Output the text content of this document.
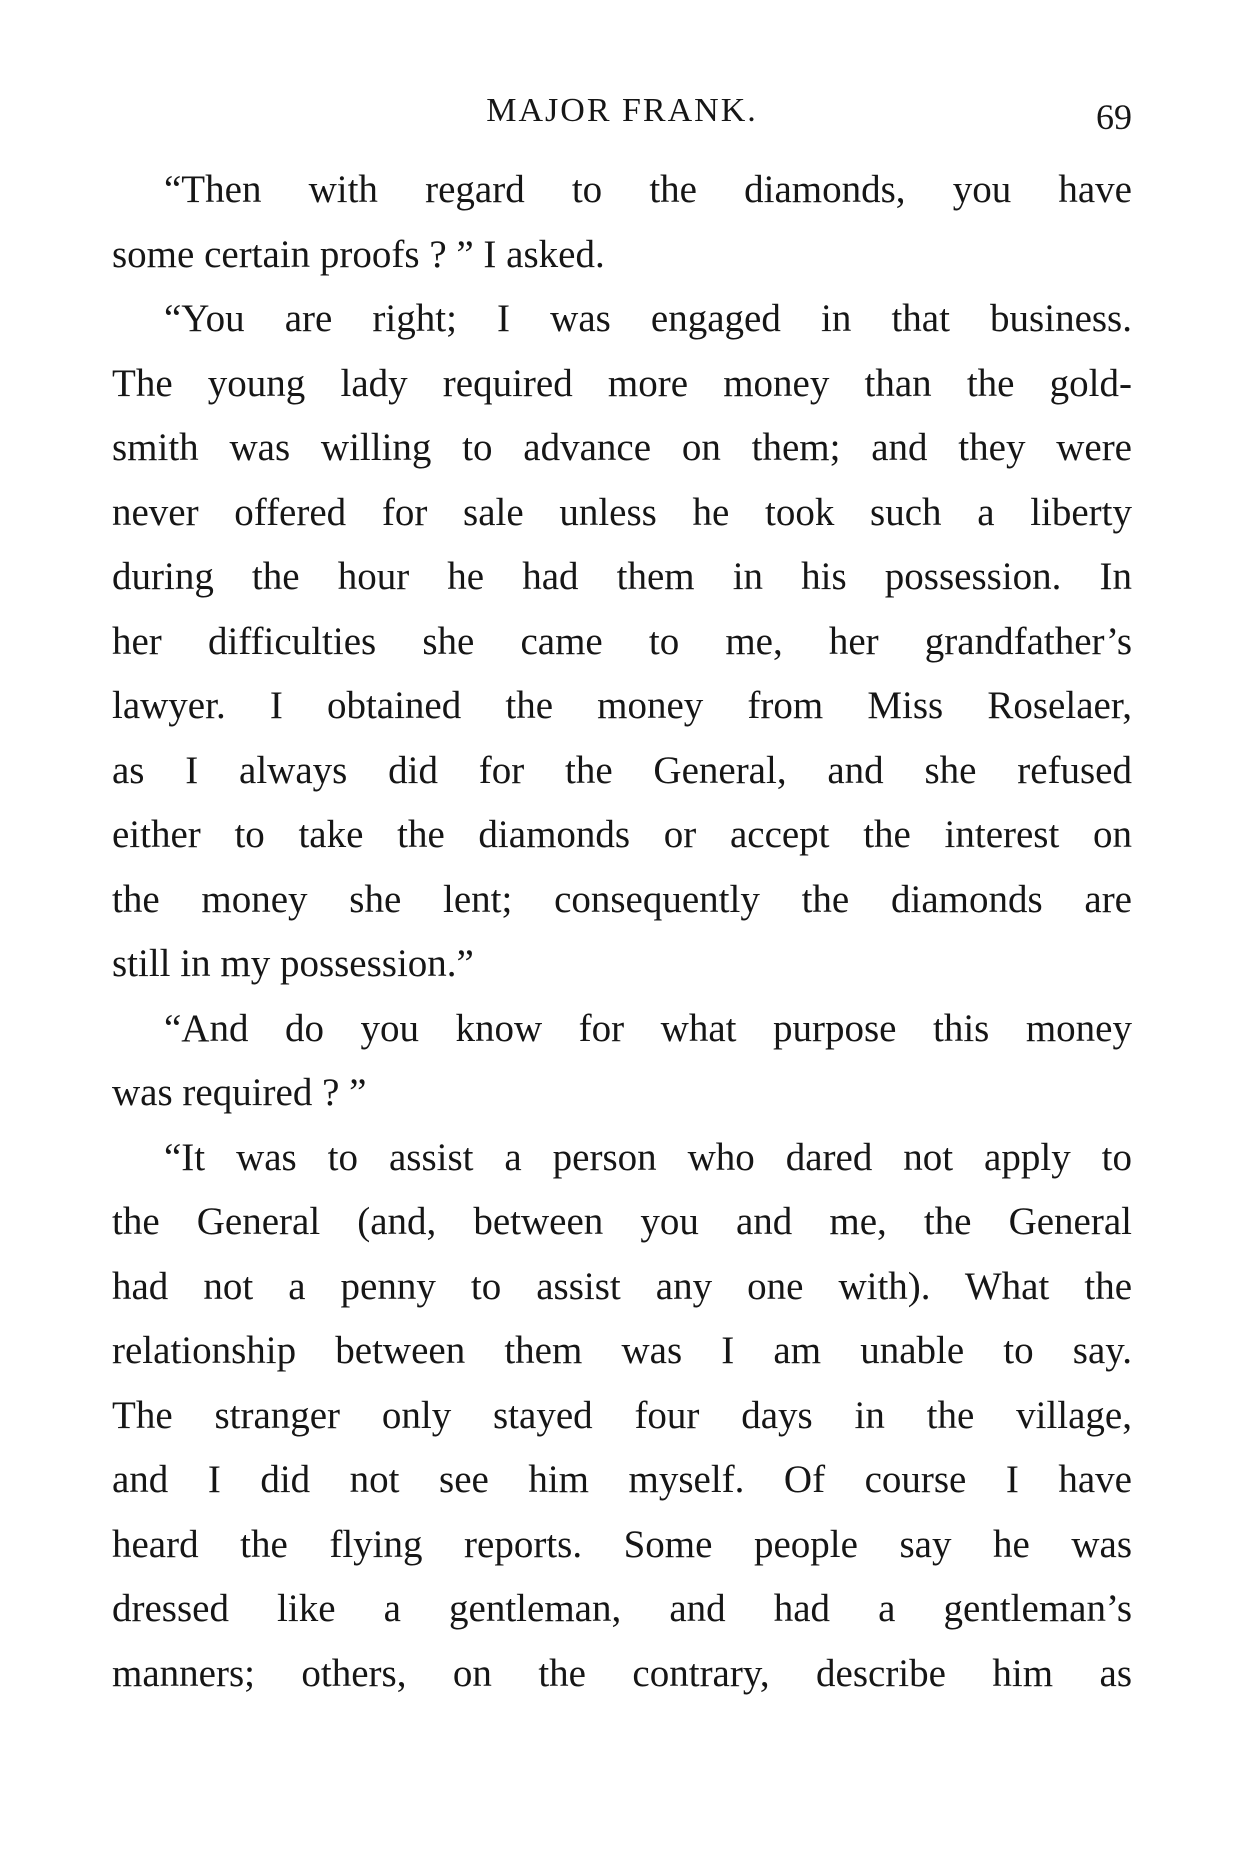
MAJOR FRANK.	69
“Then with regard to the diamonds, you have
some certain proofs ? ” I asked.
“You are right; I was engaged in that business.
The young lady required more money than the gold-
smith was willing to advance on them; and they were
never offered for sale unless he took such a liberty
during the hour he had them in his possession. In
her difficulties she came to me, her grandfather’s
lawyer. I obtained the money from Miss Roselaer,
as I always did for the General, and she refused
either to take the diamonds or accept the interest on
the money she lent; consequently the diamonds are
still in my possession.”
“And do you know for what purpose this money
was required ? ”
“It was to assist a person who dared not apply to
the General (and, between you and me, the General
had not a penny to assist any one with). What the
relationship between them was I am unable to say.
The stranger only stayed four days in the village,
and I did not see him myself. Of course I have
heard the flying reports. Some people say he was
dressed like a gentleman, and had a gentleman’s
manners; others, on the contrary, describe him as
